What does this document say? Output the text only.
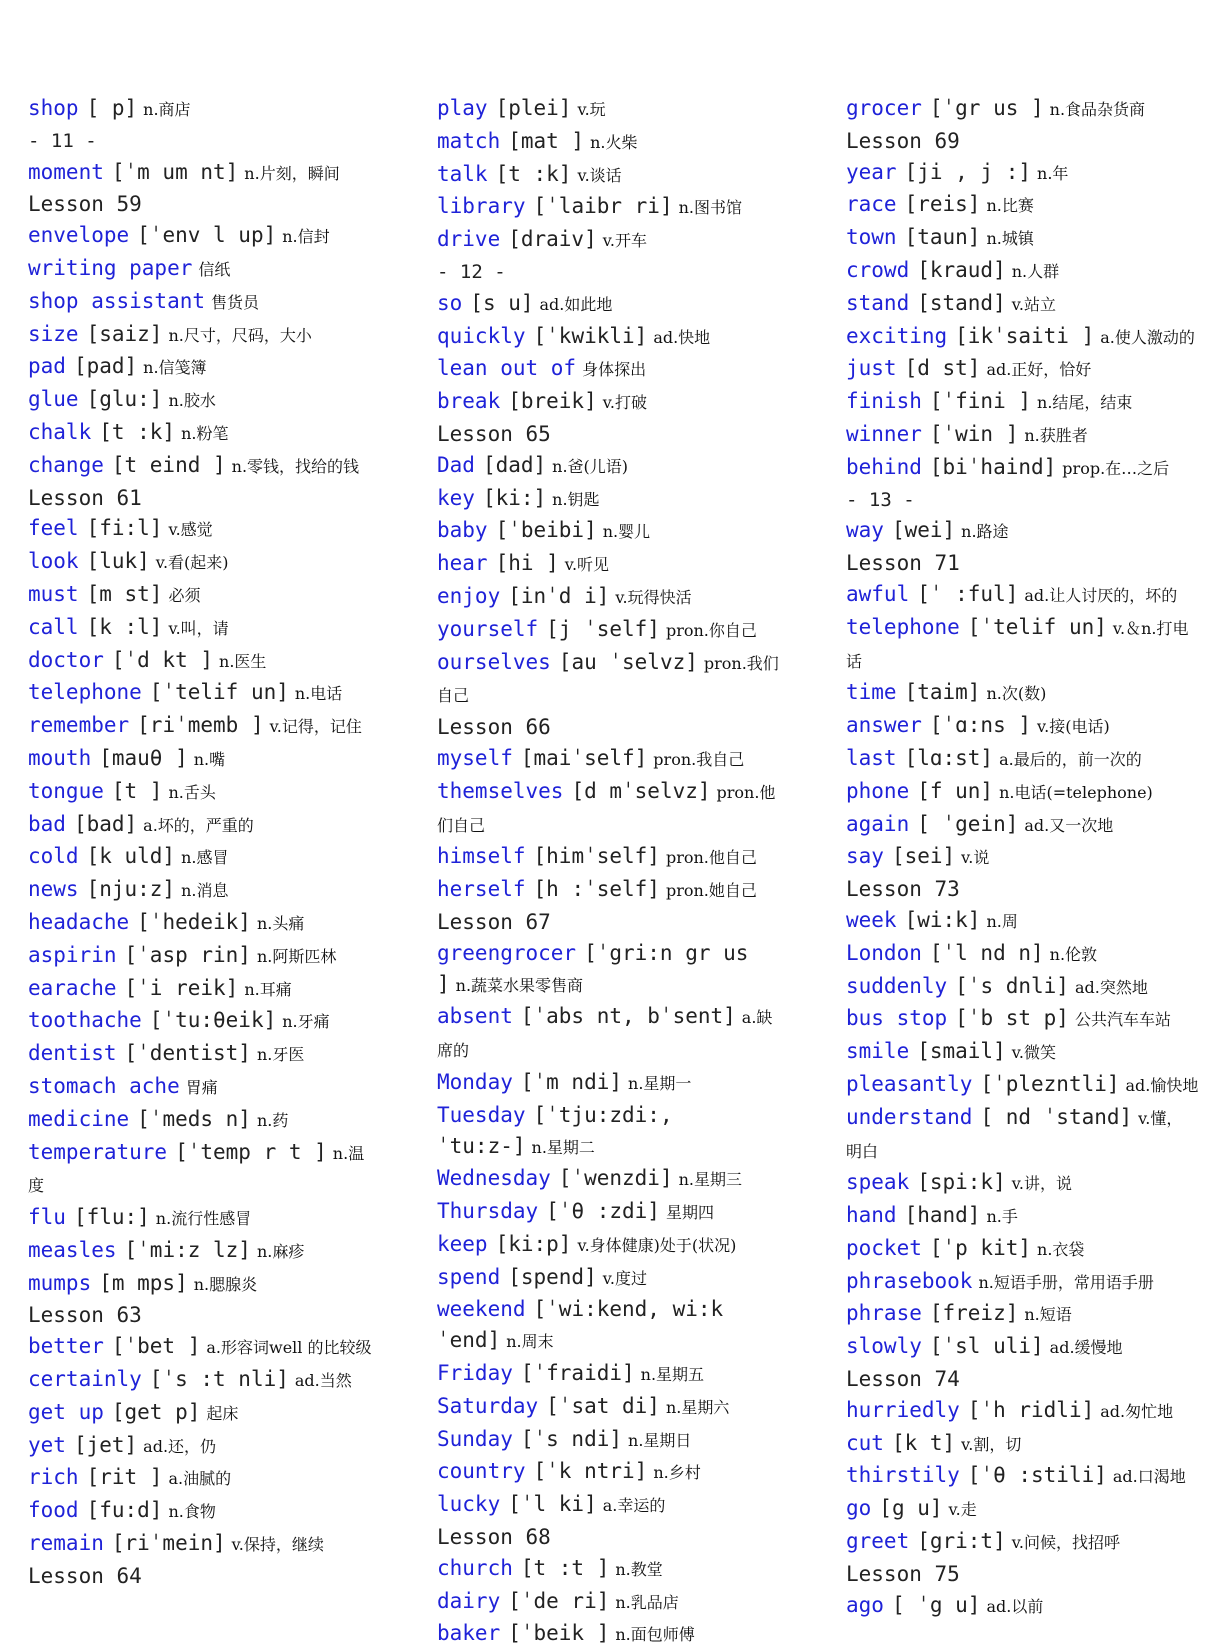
shop [ p] n.商店
- 11 -
moment [ˈm um nt] n.片刻，瞬间
Lesson 59
envelope [ˈenv l up] n.信封
writing paper 信纸
shop assistant 售货员
size [saiz] n.尺寸，尺码，大小
pad [pad] n.信笺簿
glue [glu:] n.胶水
chalk [t :k] n.粉笔
change [t eind ] n.零钱，找给的钱
Lesson 61
feel [fi:l] v.感觉
look [luk] v.看(起来)
must [m st] 必须
call [k :l] v.叫，请
doctor [ˈd kt ] n.医生
telephone [ˈtelif un] n.电话
remember [riˈmemb ] v.记得，记住
mouth [mauθ ] n.嘴
tongue [t ] n.舌头
bad [bad] a.坏的，严重的
cold [k uld] n.感冒
news [nju:z] n.消息
headache [ˈhedeik] n.头痛
aspirin [ˈasp rin] n.阿斯匹林
earache [ˈi reik] n.耳痛
toothache [ˈtu:θeik] n.牙痛
dentist [ˈdentist] n.牙医
stomach ache 胃痛
medicine [ˈmeds n] n.药
temperature [ˈtemp r t ] n.温度
flu [flu:] n.流行性感冒
measles [ˈmi:z lz] n.麻疹
mumps [m mps] n.腮腺炎
Lesson 63
better [ˈbet ] a.形容词well 的比较级
certainly [ˈs :t nli] ad.当然
get up [get p] 起床
yet [jet] ad.还，仍
rich [rit ] a.油腻的
food [fu:d] n.食物
remain [riˈmein] v.保持，继续
Lesson 64
play [plei] v.玩
match [mat ] n.火柴
talk [t :k] v.谈话
library [ˈlaibr ri] n.图书馆
drive [draiv] v.开车
- 12 -
so [s u] ad.如此地
quickly [ˈkwikli] ad.快地
lean out of 身体探出
break [breik] v.打破
Lesson 65
Dad [dad] n.爸(儿语)
key [ki:] n.钥匙
baby [ˈbeibi] n.婴儿
hear [hi ] v.听见
enjoy [inˈd i] v.玩得快活
yourself [j ˈself] pron.你自己
ourselves [au ˈselvz] pron.我们自己
Lesson 66
myself [maiˈself] pron.我自己
themselves [d mˈselvz] pron.他们自己
himself [himˈself] pron.他自己
herself [h :ˈself] pron.她自己
Lesson 67
greengrocer [ˈgri:n gr us ] n.蔬菜水果零售商
absent [ˈabs nt, bˈsent] a.缺席的
Monday [ˈm ndi] n.星期一
Tuesday [ˈtju:zdi:, ˈtu:z-] n.星期二
Wednesday [ˈwenzdi] n.星期三
Thursday [ˈθ :zdi] 星期四
keep [ki:p] v.身体健康)处于(状况)
spend [spend] v.度过
weekend [ˈwi:kend, wi:kˈend] n.周末
Friday [ˈfraidi] n.星期五
Saturday [ˈsat di] n.星期六
Sunday [ˈs ndi] n.星期日
country [ˈk ntri] n.乡村
lucky [ˈl ki] a.幸运的
Lesson 68
church [t :t ] n.教堂
dairy [ˈde ri] n.乳品店
baker [ˈbeik ] n.面包师傅
grocer [ˈgr us ] n.食品杂货商
Lesson 69
year [ji , j :] n.年
race [reis] n.比赛
town [taun] n.城镇
crowd [kraud] n.人群
stand [stand] v.站立
exciting [ikˈsaiti ] a.使人激动的
just [d st] ad.正好，恰好
finish [ˈfini ] n.结尾，结束
winner [ˈwin ] n.获胜者
behind [biˈhaind] prop.在…之后
- 13 -
way [wei] n.路途
Lesson 71
awful [ˈ :ful] ad.让人讨厌的，坏的
telephone [ˈtelif un] v.＆n.打电话
time [taim] n.次(数)
answer [ˈɑ:ns ] v.接(电话)
last [lɑ:st] a.最后的，前一次的
phone [f un] n.电话(=telephone)
again [ ˈgein] ad.又一次地
say [sei] v.说
Lesson 73
week [wi:k] n.周
London [ˈl nd n] n.伦敦
suddenly [ˈs dnli] ad.突然地
bus stop [ˈb st p] 公共汽车车站
smile [smail] v.微笑
pleasantly [ˈplezntli] ad.愉快地
understand [ nd ˈstand] v.懂，明白
speak [spi:k] v.讲，说
hand [hand] n.手
pocket [ˈp kit] n.衣袋
phrasebook n.短语手册，常用语手册
phrase [freiz] n.短语
slowly [ˈsl uli] ad.缓慢地
Lesson 74
hurriedly [ˈh ridli] ad.匆忙地
cut [k t] v.割，切
thirstily [ˈθ :stili] ad.口渴地
go [g u] v.走
greet [gri:t] v.问候，找招呼
Lesson 75
ago [ ˈg u] ad.以前
